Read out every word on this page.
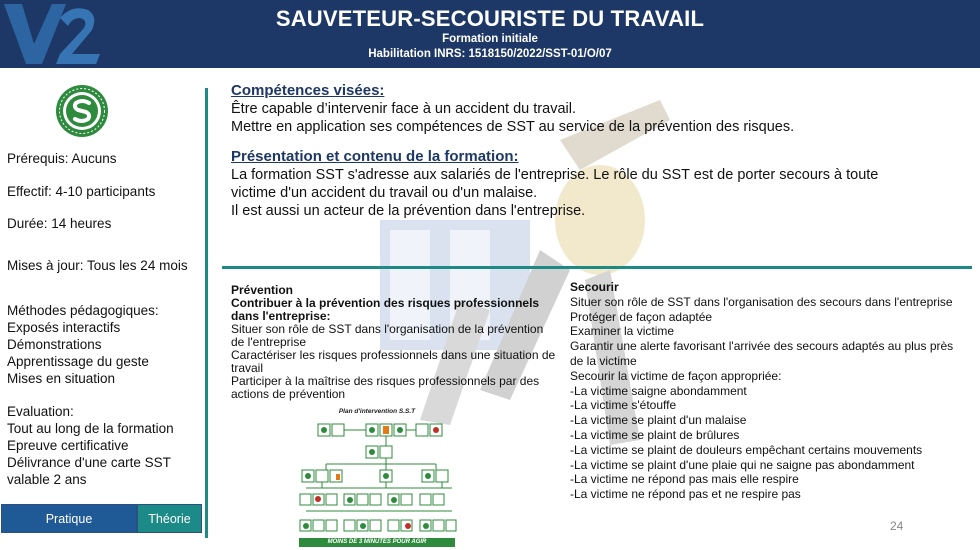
SAUVETEUR-SECOURISTE DU TRAVAIL
Formation initiale
Habilitation INRS: 1518150/2022/SST-01/O/07
Prérequis: Aucuns
Effectif: 4-10 participants
Durée: 14 heures
Mises à jour: Tous les 24 mois
Méthodes pédagogiques:
Exposés interactifs
Démonstrations
Apprentissage du geste
Mises en situation
Evaluation:
Tout au long de la formation
Epreuve certificative
Délivrance d'une carte SST
valable 2 ans
Pratique	Théorie
Compétences visées:
Être capable d’intervenir face à un accident du travail.
Mettre en application ses compétences de SST au service de la prévention des risques.
Présentation et contenu de la formation:
La formation SST s'adresse aux salariés de l'entreprise. Le rôle du SST est de porter secours à toute
victime d'un accident du travail ou d'un malaise.
Il est aussi un acteur de la prévention dans l'entreprise.
Prévention
Contribuer à la prévention des risques professionnels
dans l'entreprise:
Situer son rôle de SST dans l'organisation de la prévention
de l'entreprise
Caractériser les risques professionnels dans une situation de
travail
Participer à la maîtrise des risques professionnels par des
actions de prévention
Secourir
Situer son rôle de SST dans l'organisation des secours dans l'entreprise
Protéger de façon adaptée
Examiner la victime
Garantir une alerte favorisant l'arrivée des secours adaptés au plus près
de la victime
Secourir la victime de façon appropriée:
-La victime saigne abondamment
-La victime s'étouffe
-La victime se plaint d'un malaise
-La victime se plaint de brûlures
-La victime se plaint de douleurs empêchant certains mouvements
-La victime se plaint d'une plaie qui ne saigne pas abondamment
-La victime ne répond pas mais elle respire
-La victime ne répond pas et ne respire pas
Plan d'intervention S.S.T
MOINS DE 3 MINUTES POUR AGIR
24
